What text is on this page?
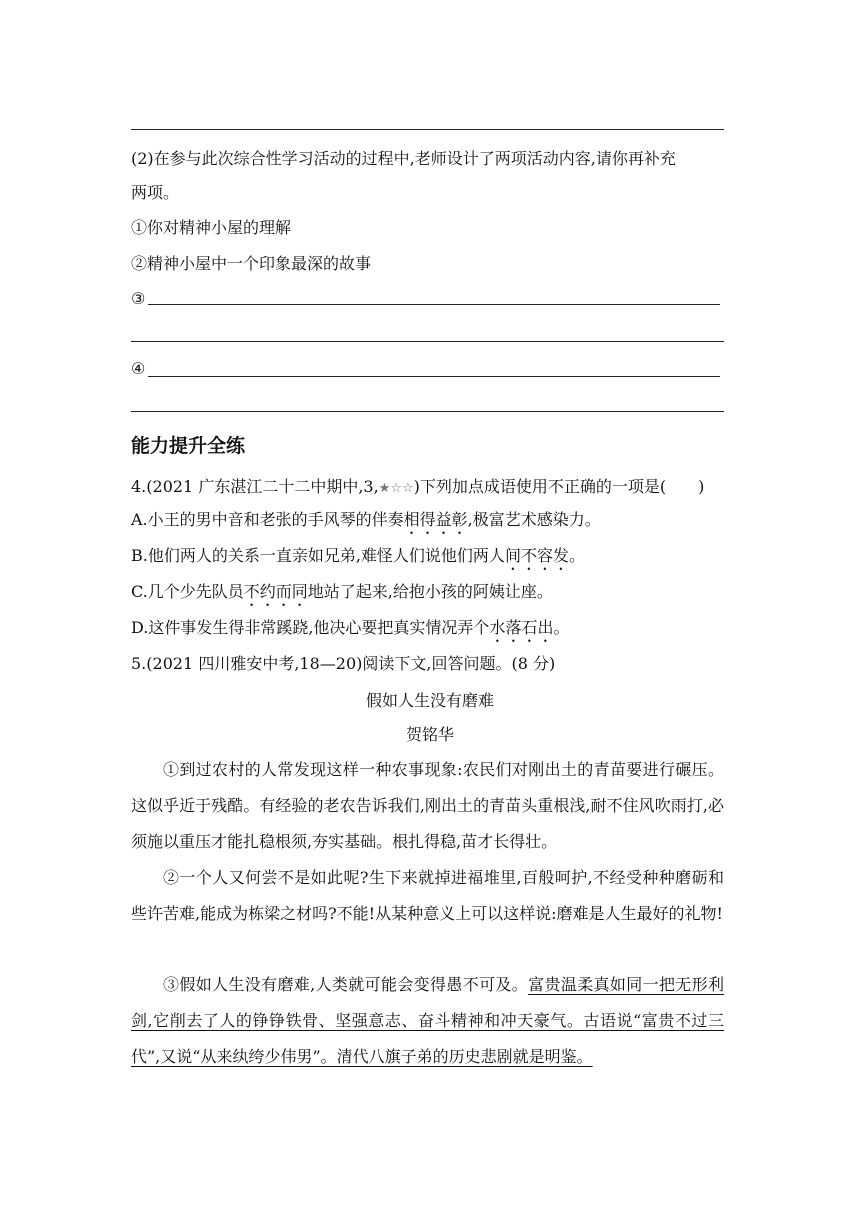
(2)在参与此次综合性学习活动的过程中,老师设计了两项活动内容,请你再补充
两项。
①你对精神小屋的理解
②精神小屋中一个印象最深的故事
③
④
能力提升全练
4.(2021 广东湛江二十二中期中,3,★☆☆)下列加点成语使用不正确的一项是(　　)
A.小王的男中音和老张的手风琴的伴奏相得益彰,极富艺术感染力。
B.他们两人的关系一直亲如兄弟,难怪人们说他们两人间不容发。
C.几个少先队员不约而同地站了起来,给抱小孩的阿姨让座。
D.这件事发生得非常蹊跷,他决心要把真实情况弄个水落石出。
5.(2021 四川雅安中考,18—20)阅读下文,回答问题。(8 分)
假如人生没有磨难
贺铭华
①到过农村的人常发现这样一种农事现象:农民们对刚出土的青苗要进行碾压。这似乎近于残酷。有经验的老农告诉我们,刚出土的青苗头重根浅,耐不住风吹雨打,必须施以重压才能扎稳根须,夯实基础。根扎得稳,苗才长得壮。
②一个人又何尝不是如此呢?生下来就掉进福堆里,百般呵护,不经受种种磨砺和些许苦难,能成为栋梁之材吗?不能!从某种意义上可以这样说:磨难是人生最好的礼物!
③假如人生没有磨难,人类就可能会变得愚不可及。富贵温柔真如同一把无形利剑,它削去了人的铮铮铁骨、坚强意志、奋斗精神和冲天豪气。古语说“富贵不过三代”,又说“从来纨绔少伟男”。清代八旗子弟的历史悲剧就是明鉴。
